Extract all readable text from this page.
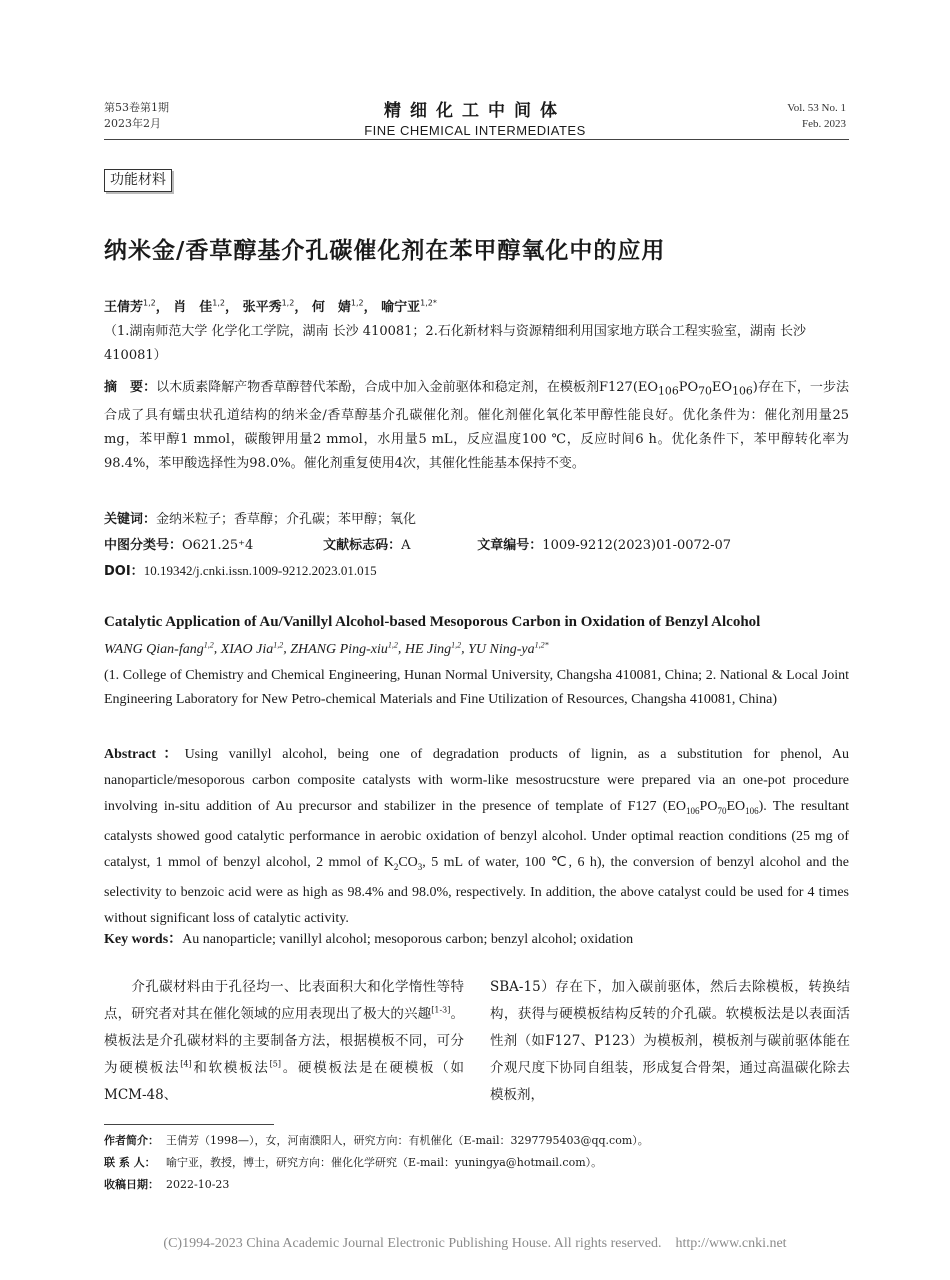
第53卷第1期
2023年2月
精细化工中间体
FINE CHEMICAL INTERMEDIATES
Vol. 53 No. 1
Feb. 2023
功能材料
纳米金/香草醇基介孔碳催化剂在苯甲醇氧化中的应用
王倩芳$^{1,2}$， 肖　佳$^{1,2}$， 张平秀$^{1,2}$， 何　婧$^{1,2}$， 喻宁亚$^{1,2*}$
（1.湖南师范大学 化学化工学院，湖南 长沙 410081；2.石化新材料与资源精细利用国家地方联合工程实验室，湖南 长沙 410081）
摘　要：以木质素降解产物香草醇替代苯酚，合成中加入金前驱体和稳定剂，在模板剂$F127(EO_{106}PO_{70}EO_{106})$存在下，一步法合成了具有蠕虫状孔道结构的纳米金/香草醇基介孔碳催化剂。催化剂催化氧化苯甲醇性能良好。优化条件为：催化剂用量25 mg，苯甲醇1 mmol，碳酸钾用量2 mmol，水用量5 mL，反应温度100 ℃，反应时间6 h。优化条件下，苯甲醇转化率为98.4%，苯甲酸选择性为98.0%。催化剂重复使用4次，其催化性能基本保持不变。
关键词：金纳米粒子；香草醇；介孔碳；苯甲醇；氧化
中图分类号：O621.25⁺4	文献标志码：A	文章编号：1009-9212(2023)01-0072-07
DOI：10.19342/j.cnki.issn.1009-9212.2023.01.015
Catalytic Application of Au/Vanillyl Alcohol-based Mesoporous Carbon in Oxidation of Benzyl Alcohol
WANG Qian-fang$^{1,2}$, XIAO Jia$^{1,2}$, ZHANG Ping-xiu$^{1,2}$, HE Jing$^{1,2}$, YU Ning-$ya^{1,2*}$
(1. College of Chemistry and Chemical Engineering, Hunan Normal University, Changsha 410081, China; 2. National & Local Joint Engineering Laboratory for New Petro-chemical Materials and Fine Utilization of Resources, Changsha 410081, China)
Abstract：Using vanillyl alcohol, being one of degradation products of lignin, as a substitution for phenol, Au nanoparticle/mesoporous carbon composite catalysts with worm-like mesostrucsture were prepared via an one-pot procedure involving in-situ addition of Au precursor and stabilizer in the presence of template of F127 $(EO_{106}PO_{70}EO_{106})$. The resultant catalysts showed good catalytic performance in aerobic oxidation of benzyl alcohol. Under optimal reaction conditions (25 mg of catalyst, 1 mmol of benzyl alcohol, 2 mmol of $K_2CO_3$, 5 mL of water, 100 ℃, 6 h), the conversion of benzyl alcohol and the selectivity to benzoic acid were as high as 98.4% and 98.0%, respectively. In addition, the above catalyst could be used for 4 times without significant loss of catalytic activity.
Key words：Au nanoparticle; vanillyl alcohol; mesoporous carbon; benzyl alcohol; oxidation
介孔碳材料由于孔径均一、比表面积大和化学惰性等特点，研究者对其在催化领域的应用表现出了极大的兴趣[1-3]。模板法是介孔碳材料的主要制备方法，根据模板不同，可分为硬模板法[4]和软模板法[5]。硬模板法是在硬模板（如MCM-48、
SBA-15）存在下，加入碳前驱体，然后去除模板，转换结构，获得与硬模板结构反转的介孔碳。软模板法是以表面活性剂（如F127、P123）为模板剂，模板剂与碳前驱体能在介观尺度下协同自组装，形成复合骨架，通过高温碳化除去模板剂，
作者简介： 王倩芳（1998—），女，河南濮阳人，研究方向：有机催化（E-mail：3297795403@qq.com）。
联 系 人： 喻宁亚，教授，博士，研究方向：催化化学研究（E-mail：yuningya@hotmail.com）。
收稿日期： 2022-10-23
(C)1994-2023 China Academic Journal Electronic Publishing House. All rights reserved.    http://www.cnki.net
